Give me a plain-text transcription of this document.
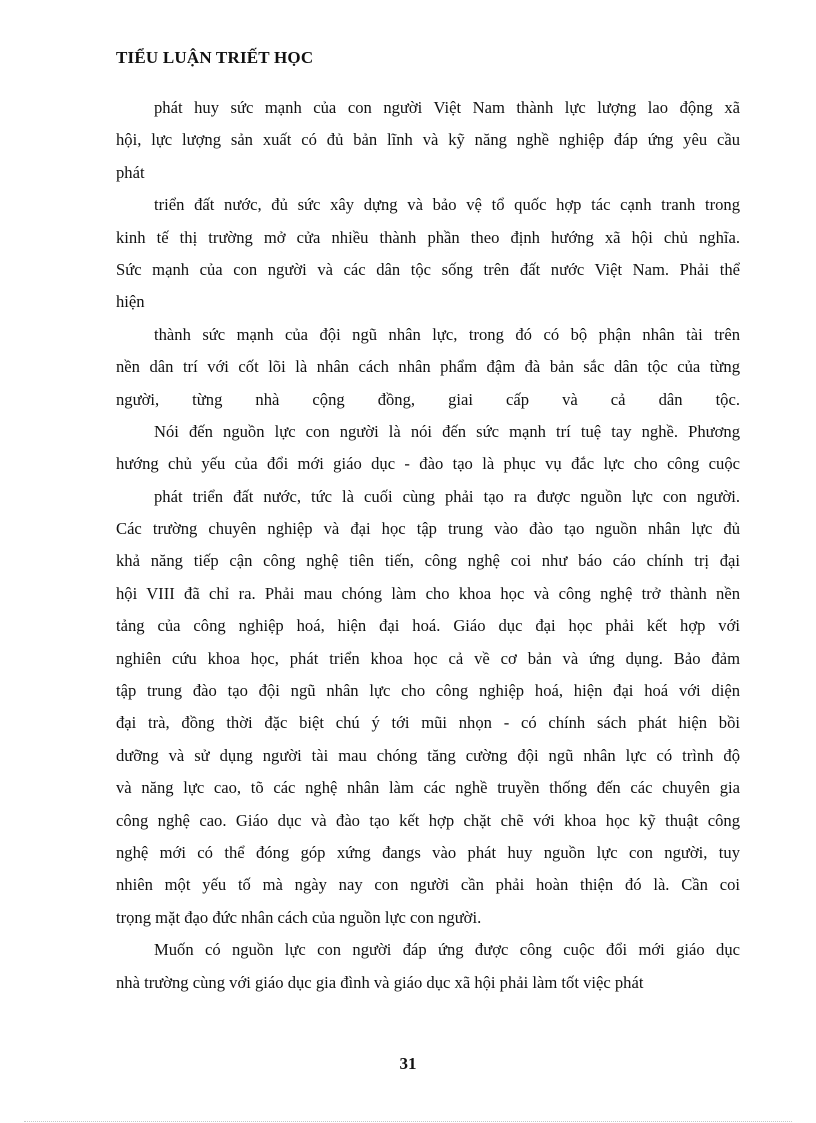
TIỂU LUẬN TRIẾT HỌC
phát huy sức mạnh của con người Việt Nam thành lực lượng lao động xã
hội, lực lượng sản xuất có đủ bản lĩnh và kỹ năng nghề nghiệp đáp ứng yêu cầu
phát
triển đất nước, đủ sức xây dựng và bảo vệ tổ quốc hợp tác cạnh tranh trong
kinh tế thị trường mở cửa nhiều thành phần theo định hướng xã hội chủ nghĩa.
Sức mạnh của con người và các dân tộc sống trên đất nước Việt Nam. Phải thể
hiện
thành sức mạnh của đội ngũ nhân lực, trong đó có bộ phận nhân tài trên
nền dân trí với cốt lõi là nhân cách nhân phẩm đậm đà bản sắc dân tộc của từng
người, từng nhà cộng đồng, giai cấp và cả dân tộc.
Nói đến nguồn lực con người là nói đến sức mạnh trí tuệ tay nghề. Phương
hướng chủ yếu của đổi mới giáo dục - đào tạo là phục vụ đắc lực cho công cuộc
phát triển đất nước, tức là cuối cùng phải tạo ra được nguồn lực con người.
Các trường chuyên nghiệp và đại học tập trung vào đào tạo nguồn nhân lực đủ
khả năng tiếp cận công nghệ tiên tiến, công nghệ coi như báo cáo chính trị đại
hội VIII đã chỉ ra. Phải mau chóng làm cho khoa học và công nghệ trở thành nền
tảng của công nghiệp hoá, hiện đại hoá. Giáo dục đại học phải kết hợp với
nghiên cứu khoa học, phát triển khoa học cả về cơ bản và ứng dụng. Bảo đảm
tập trung đào tạo đội ngũ nhân lực cho công nghiệp hoá, hiện đại hoá với diện
đại trà, đồng thời đặc biệt chú ý tới mũi nhọn - có chính sách phát hiện bồi
dưỡng và sử dụng người tài mau chóng tăng cường đội ngũ nhân lực có trình độ
và năng lực cao, tõ các nghệ nhân làm các nghề truyền thống đến các chuyên gia
công nghệ cao. Giáo dục và đào tạo kết hợp chặt chẽ với khoa học kỹ thuật công
nghệ mới có thể đóng góp xứng đangs vào phát huy nguồn lực con người, tuy
nhiên một yếu tố mà ngày nay con người cần phải hoàn thiện đó là. Cần coi
trọng mặt đạo đức nhân cách của nguồn lực con người.
Muốn có nguồn lực con người đáp ứng được công cuộc đổi mới giáo dục
nhà trường cùng với giáo dục gia đình và giáo dục xã hội phải làm tốt việc phát
31
